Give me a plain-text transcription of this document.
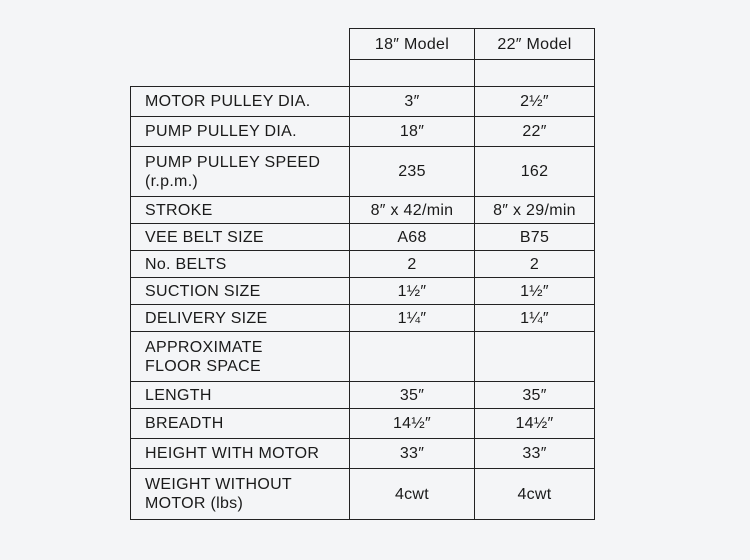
	18″ Model	22″ Model

MOTOR PULLEY DIA.	3″	2½″
PUMP PULLEY DIA.	18″	22″
PUMP PULLEY SPEED
(r.p.m.)	235	162
STROKE	8″ x 42/min	8″ x 29/min
VEE BELT SIZE	A68	B75
No. BELTS	2	2
SUCTION SIZE	1½″	1½″
DELIVERY SIZE	1¼″	1¼″
APPROXIMATE
FLOOR SPACE		
LENGTH	35″	35″
BREADTH	14½″	14½″
HEIGHT WITH MOTOR	33″	33″
WEIGHT WITHOUT
MOTOR (lbs)	4cwt	4cwt
